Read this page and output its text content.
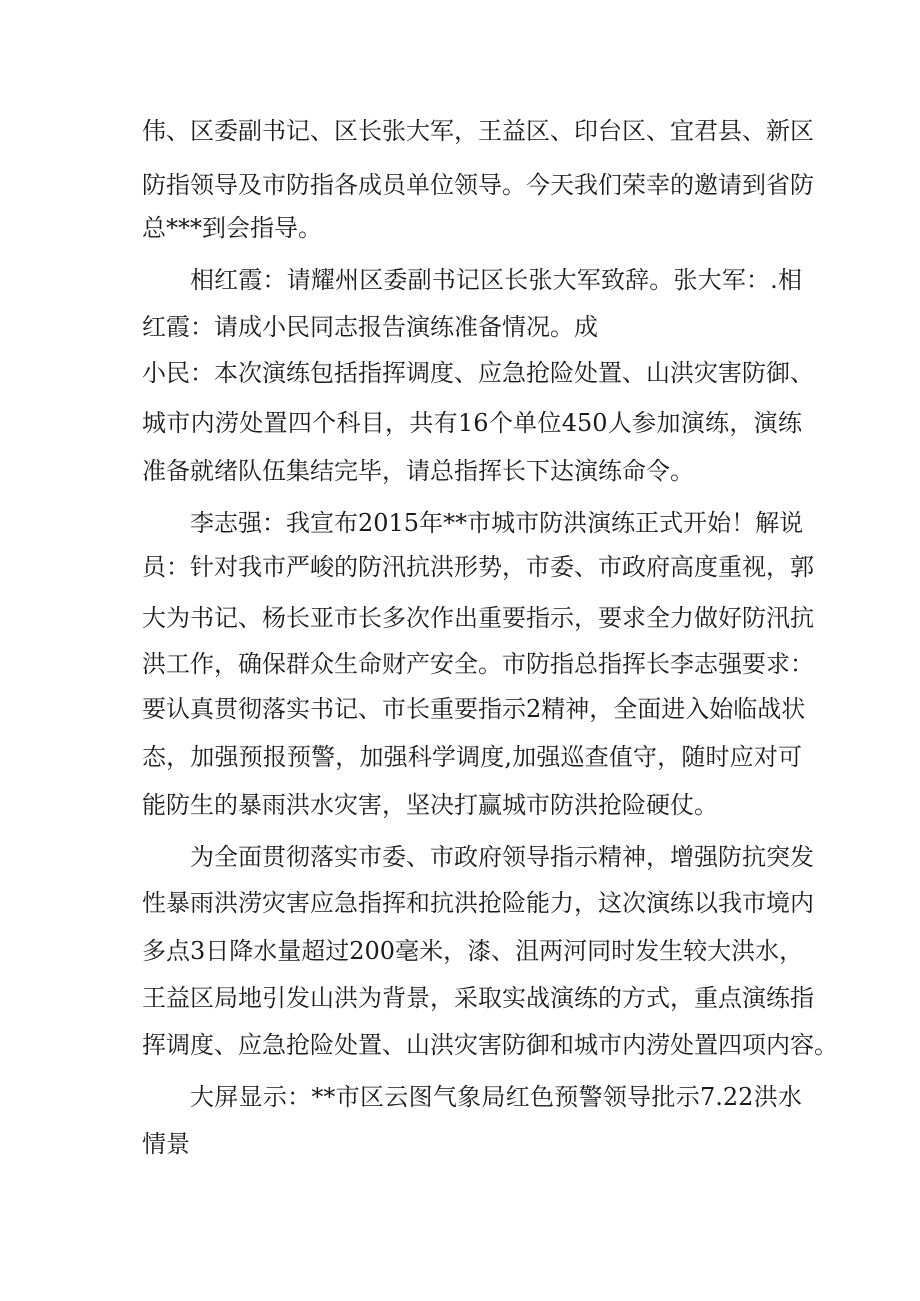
伟、区委副书记、区长张大军，王益区、印台区、宜君县、新区
防指领导及市防指各成员单位领导。今天我们荣幸的邀请到省防
总***到会指导。
相红霞：请耀州区委副书记区长张大军致辞。张大军：.相
红霞：请成小民同志报告演练准备情况。成
小民：本次演练包括指挥调度、应急抢险处置、山洪灾害防御、
城市内涝处置四个科目，共有16个单位450人参加演练，演练
准备就绪队伍集结完毕，请总指挥长下达演练命令。
李志强：我宣布2015年**市城市防洪演练正式开始！解说
员：针对我市严峻的防汛抗洪形势，市委、市政府高度重视，郭
大为书记、杨长亚市长多次作出重要指示，要求全力做好防汛抗
洪工作，确保群众生命财产安全。市防指总指挥长李志强要求：
要认真贯彻落实书记、市长重要指示2精神，全面进入始临战状
态，加强预报预警，加强科学调度,加强巡查值守，随时应对可
能防生的暴雨洪水灾害，坚决打赢城市防洪抢险硬仗。
为全面贯彻落实市委、市政府领导指示精神，增强防抗突发
性暴雨洪涝灾害应急指挥和抗洪抢险能力，这次演练以我市境内
多点3日降水量超过200毫米，漆、沮两河同时发生较大洪水，
王益区局地引发山洪为背景，采取实战演练的方式，重点演练指
挥调度、应急抢险处置、山洪灾害防御和城市内涝处置四项内容。
大屏显示：**市区云图气象局红色预警领导批示7.22洪水
情景
